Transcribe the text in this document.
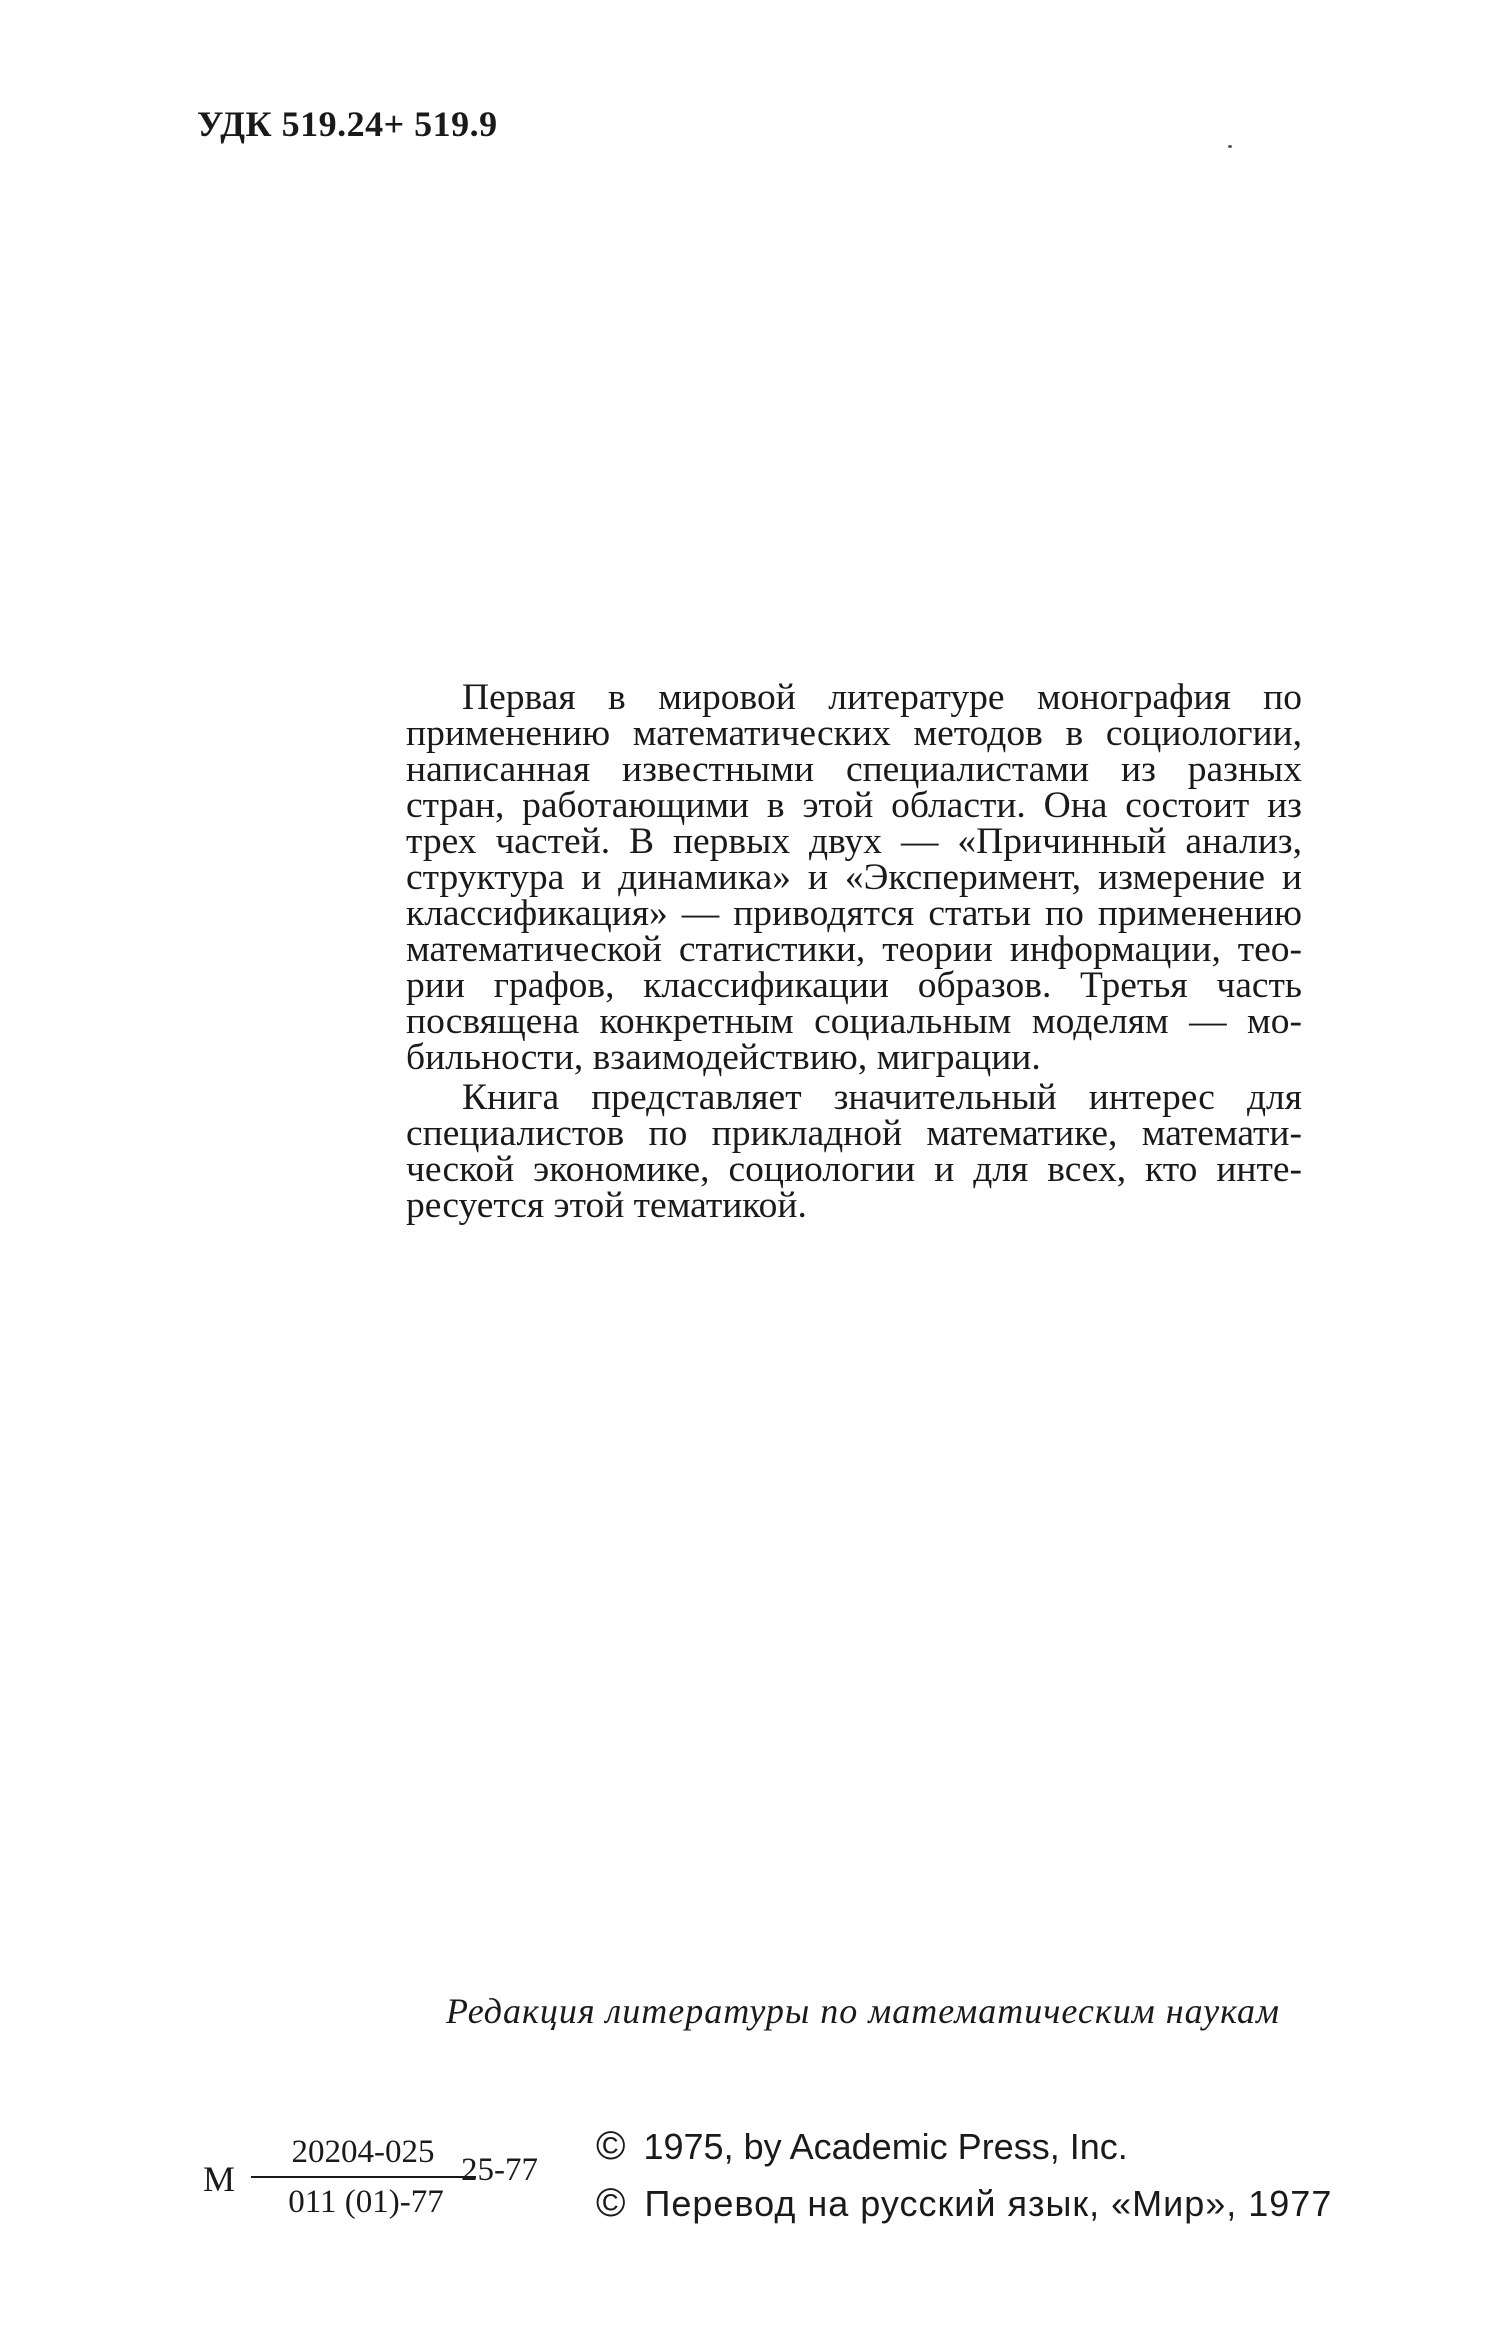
УДК 519.24+ 519.9
Первая в мировой литературе монография по
применению математических методов в социологии,
написанная известными специалистами из разных
стран, работающими в этой области. Она состоит из
трех частей. В первых двух — «Причинный анализ,
структура и динамика» и «Эксперимент, измерение и
классификация» — приводятся статьи по применению
математической статистики, теории информации, тео-
рии графов, классификации образов. Третья часть
посвящена конкретным социальным моделям — мо-
бильности, взаимодействию, миграции.
Книга представляет значительный интерес для
специалистов по прикладной математике, математи-
ческой экономике, социологии и для всех, кто инте-
ресуется этой тематикой.
Редакция литературы по математическим наукам
М
20204-025
011 (01)-77
25-77
© 1975, by Academic Press, Inc.
© Перевод на русский язык, «Мир», 1977
